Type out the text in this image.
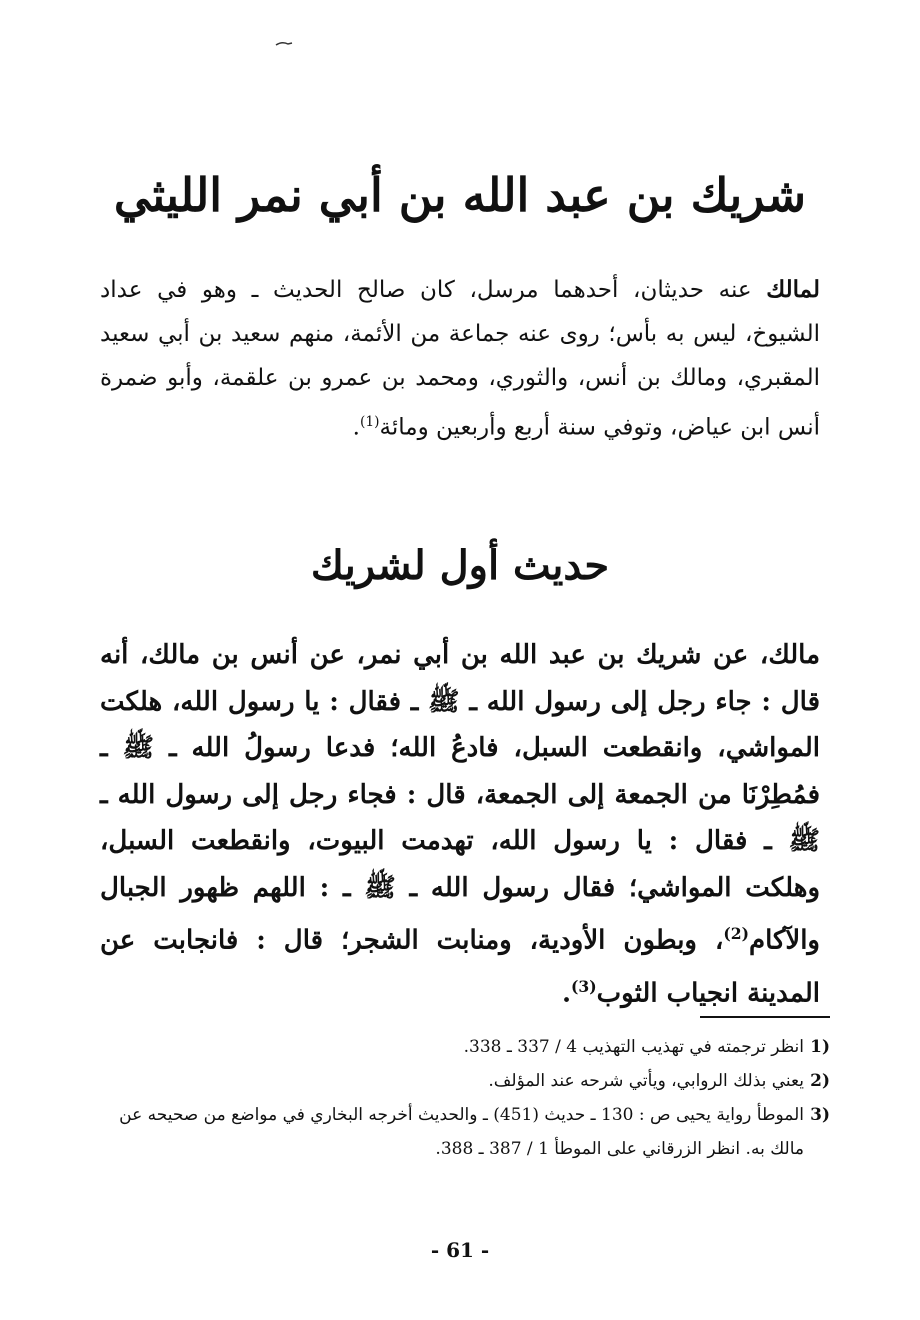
شريك بن عبد الله بن أبي نمر الليثي

لمالك عنه حديثان، أحدهما مرسل، كان صالح الحديث ـ وهو في عداد الشيوخ، ليس به بأس؛ روى عنه جماعة من الأئمة، منهم سعيد بن أبي سعيد المقبري، ومالك بن أنس، والثوري، ومحمد بن عمرو بن علقمة، وأبو ضمرة أنس ابن عياض، وتوفي سنة أربع وأربعين ومائة$^{(1)}$.

حديث أول لشريك

مالك، عن شريك بن عبد الله بن أبي نمر، عن أنس بن مالك، أنه قال : جاء رجل إلى رسول الله ـ ﷺ ـ فقال : يا رسول الله، هلكت المواشي، وانقطعت السبل، فادعُ الله؛ فدعا رسولُ الله ـ ﷺ ـ فمُطِرْنَا من الجمعة إلى الجمعة، قال : فجاء رجل إلى رسول الله ـ ﷺ ـ فقال : يا رسول الله، تهدمت البيوت، وانقطعت السبل، وهلكت المواشي؛ فقال رسول الله ـ ﷺ ـ : اللهم ظهور الجبال والآكام$^{(2)}$، وبطون الأودية، ومنابت الشجر؛ قال : فانجابت عن المدينة انجياب الثوب$^{(3)}$.

(1
انظر ترجمته في تهذيب التهذيب 4 / 337 ـ 338.
(2
يعني بذلك الروابي، ويأتي شرحه عند المؤلف.
(3
الموطأ رواية يحيى ص : 130 ـ حديث (451) ـ والحديث أخرجه البخاري في مواضع من صحيحه عن مالك به. انظر الزرقاني على الموطأ 1 / 387 ـ 388.
- 61 -
